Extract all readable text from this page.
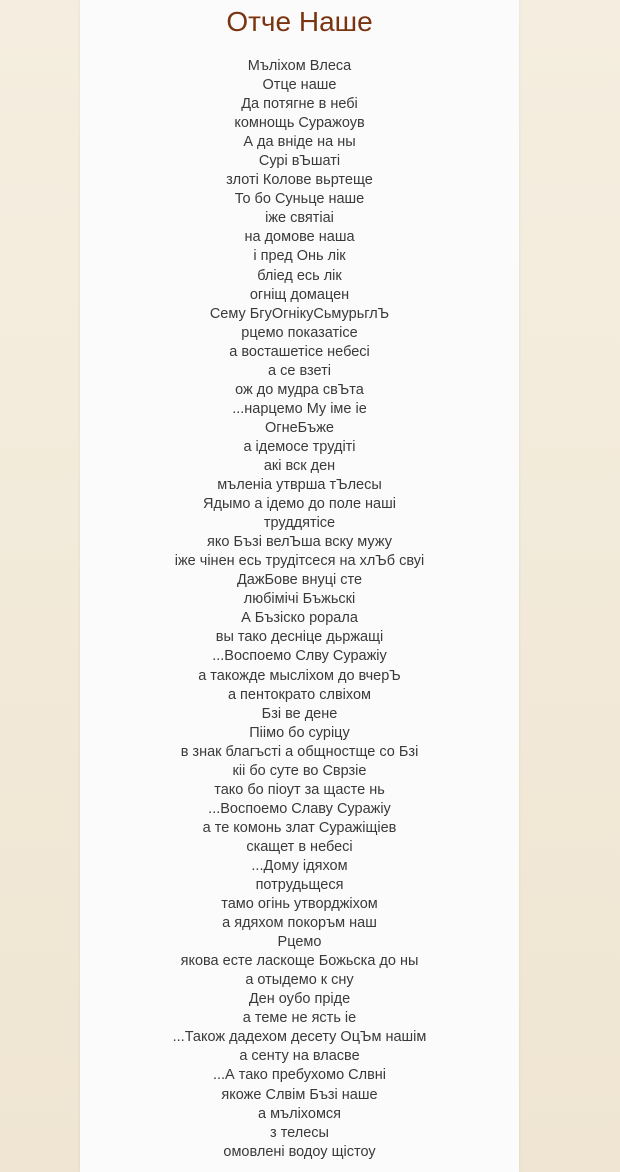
Отче Наше
Мълiхом Влеса
Отце наше
Да потягне в небi
комнощь Суражоув
А да вніде на ны
Сурi вЪшатi
злотi Колове вьртеще
То бо Суньце наше
iже святiаi
на домове наша
i пред Онь лiк
блiед есь лiк
огнiщ домацен
Сему БгуОгнiкуСьмурьглЪ
рцемо показатiсе
а восташетiсе небесi
а се взетi
ож до мудра свЪта
...нарцемо Му iме iе
ОгнеБъже
а iдемосе трудiтi
акi вск ден
мъленiа утврша тЪлесы
Ядымо а iдемо до поле нашi
труддятiсе
яко Бъзi велЪша вску мужу
iже чiнен есь трудiтсеся на хлЪб свуi
ДажБове внуцi сте
любiмiчi Бъжьскi
А Бъзiско рорала
вы тако десніце дьржащi
...Воспоемо Слву Суражiу
а такожде мыслiхом до вчерЪ
а пентократо слвiхом
Бзi ве дене
Пiiмо бо сурiцу
в знак благъстi а общностще со Бзi
кiі бо суте во Сврзiе
тако бо пiоут за щасте нь
...Воспоемо Славу Суражiу
а те комонь злат Суражiщiев
скащет в небесi
...Дому iдяхом
потрудьщеся
тамо огiнь утворджiхом
а ядяхом покоръм наш
Рцемо
якова есте ласкоще Божьска до ны
а отыдемо к сну
Ден оубо прiде
а теме не ясть iе
...Також дадехом десету ОцЪм нашiм
а сенту на власве
...А тако пребухомо Слвнi
якоже Слвiм Бъзi наше
а мълiхомся
з телесы
омовленi водоу щiстоу
